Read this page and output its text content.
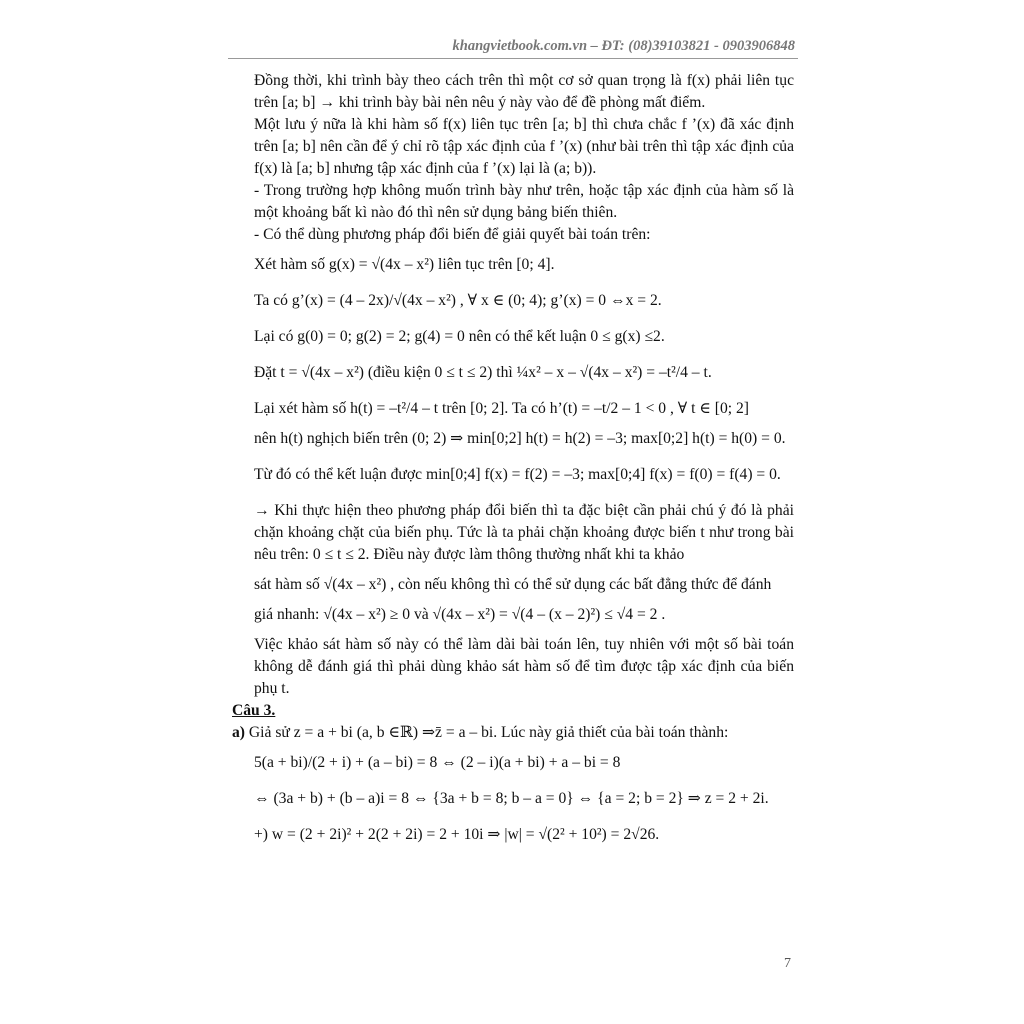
khangvietbook.com.vn – ĐT: (08)39103821 - 0903906848

Đồng thời, khi trình bày theo cách trên thì một cơ sở quan trọng là f(x) phải liên tục trên [a; b] → khi trình bày bài nên nêu ý này vào để đề phòng mất điểm.

Một lưu ý nữa là khi hàm số f(x) liên tục trên [a; b] thì chưa chắc f ’(x) đã xác định trên [a; b] nên cần để ý chỉ rõ tập xác định của f ’(x) (như bài trên thì tập xác định của f(x) là [a; b] nhưng tập xác định của f ’(x) lại là (a; b)).

- Trong trường hợp không muốn trình bày như trên, hoặc tập xác định của hàm số là một khoảng bất kì nào đó thì nên sử dụng bảng biến thiên.

- Có thể dùng phương pháp đổi biến để giải quyết bài toán trên:

Xét hàm số g(x) = √(4x – x²) liên tục trên [0; 4].
Ta có g’(x) = (4 – 2x)/√(4x – x²) , ∀ x ∈ (0; 4); g’(x) = 0 ⇔x = 2.
Lại có g(0) = 0; g(2) = 2; g(4) = 0 nên có thể kết luận 0 ≤ g(x) ≤2.
Đặt t = √(4x – x²) (điều kiện 0 ≤ t ≤ 2) thì ¼x² – x – √(4x – x²) = –t²/4 – t.
Lại xét hàm số h(t) = –t²/4 – t trên [0; 2]. Ta có h’(t) = –t/2 – 1 < 0 , ∀ t ∈ [0; 2]
nên h(t) nghịch biến trên (0; 2) ⇒ min[0;2] h(t) = h(2) = –3; max[0;2] h(t) = h(0) = 0.
Từ đó có thể kết luận được min[0;4] f(x) = f(2) = –3; max[0;4] f(x) = f(0) = f(4) = 0.

→ Khi thực hiện theo phương pháp đổi biến thì ta đặc biệt cần phải chú ý đó là phải chặn khoảng chặt của biến phụ. Tức là ta phải chặn khoảng được biến t như trong bài nêu trên: 0 ≤ t ≤ 2. Điều này được làm thông thường nhất khi ta khảo

sát hàm số √(4x – x²) , còn nếu không thì có thể sử dụng các bất đẳng thức để đánh
giá nhanh: √(4x – x²) ≥ 0 và √(4x – x²) = √(4 – (x – 2)²) ≤ √4 = 2 .

Việc khảo sát hàm số này có thể làm dài bài toán lên, tuy nhiên với một số bài toán không dễ đánh giá thì phải dùng khảo sát hàm số để tìm được tập xác định của biến phụ t.

Câu 3.
a) Giả sử z = a + bi (a, b ∈ℝ) ⇒z̄ = a – bi. Lúc này giả thiết của bài toán thành:
5(a + bi)/(2 + i) + (a – bi) = 8 ⇔ (2 – i)(a + bi) + a – bi = 8
⇔ (3a + b) + (b – a)i = 8 ⇔ {3a + b = 8; b – a = 0} ⇔ {a = 2; b = 2} ⇒ z = 2 + 2i.
+) w = (2 + 2i)² + 2(2 + 2i) = 2 + 10i ⇒ |w| = √(2² + 10²) = 2√26.
7
